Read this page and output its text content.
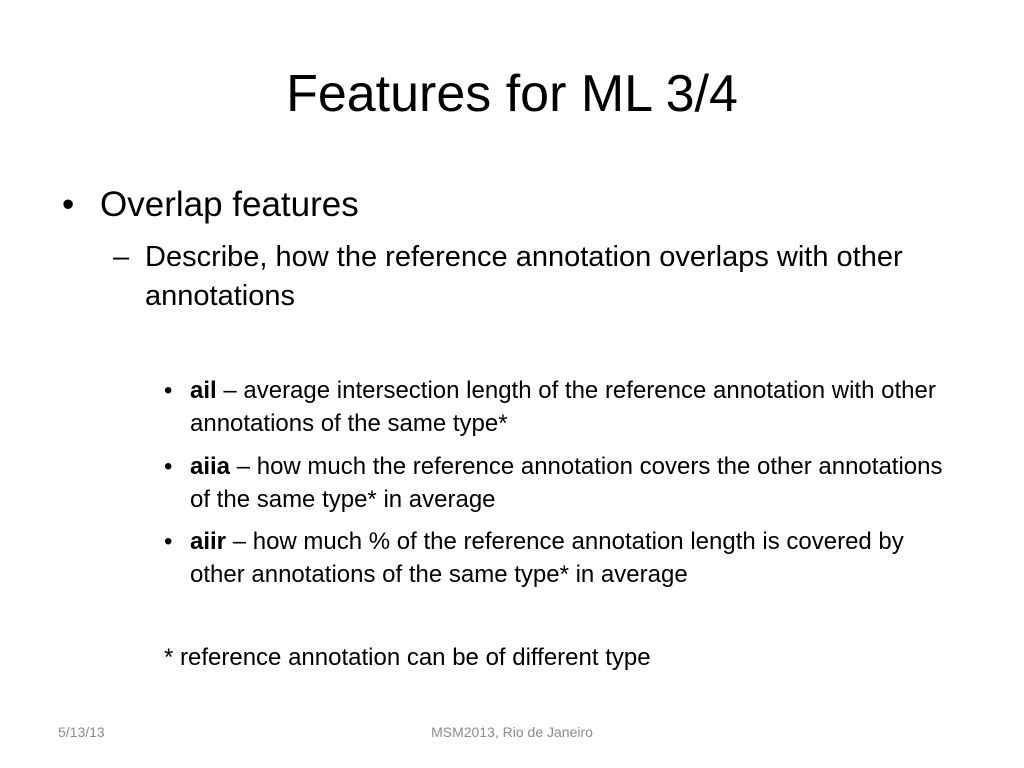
Features for ML 3/4
• Overlap features
– Describe, how the reference annotation overlaps with other annotations
• ail – average intersection length of the reference annotation with other annotations of the same type*
• aiia – how much the reference annotation covers the other annotations of the same type* in average
• aiir – how much % of the reference annotation length is covered by other annotations of the same type* in average
* reference annotation can be of different type
5/13/13	MSM2013, Rio de Janeiro
